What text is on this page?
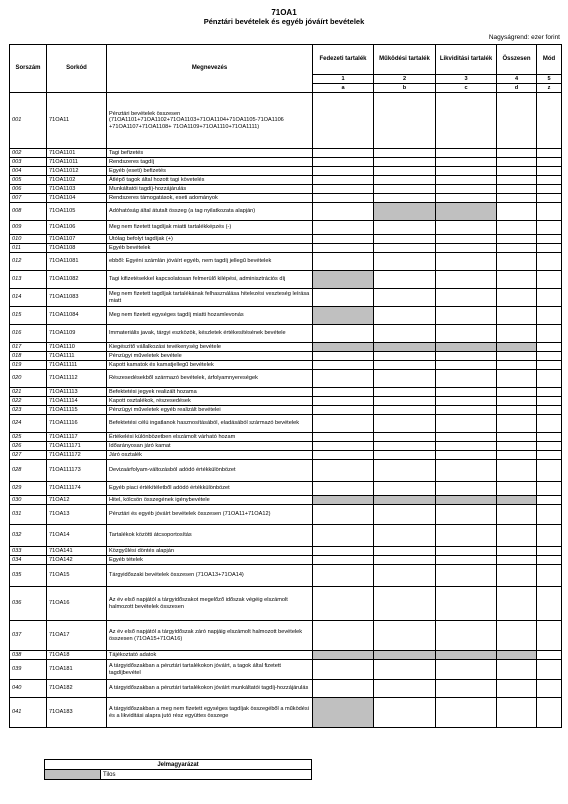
71OA1
Pénztári bevételek és egyéb jóváírt bevételek
Nagyságrend: ezer forint
Sorszám	Sorkód	Megnevezés	Fedezeti tartalék	Működési tartalék	Likviditási tartalék	Összesen	Mód
			1	2	3	4	5
			a	b	c	d	z
001	71OA11	Pénztári bevételek összesen (71OA1101+71OA1102+71OA1103+71OA1104+71OA1105-71OA1106 +71OA1107+71OA1108+ 71OA1109+71OA1110+71OA1111)					
002	71OA1101	Tagi befizetés					
003	71OA11011	Rendszeres tagdíj					
004	71OA11012	Egyéb (eseti) befizetés					
005	71OA1102	Átlépő tagok által hozott tagi követelés					
006	71OA1103	Munkáltatói tagdíj-hozzájárulás					
007	71OA1104	Rendszeres támogatások, eseti adományok					
008	71OA1105	Adóhatóság által átutalt összeg (a tag nyilatkozata alapján)					
009	71OA1106	Meg nem fizetett tagdíjak miatti tartalékképzés (-)					
010	71OA1107	Utólag befolyt tagdíjak (+)					
011	71OA1108	Egyéb bevételek					
012	71OA11081	ebből: Egyéni számlán jóváírt egyéb, nem tagdíj jellegű bevételek					
013	71OA11082	Tagi kifizetésekkel kapcsolatosan felmerülő kilépési, adminisztrációs díj					
014	71OA11083	Meg nem fizetett tagdíjak tartalékának felhasználása hitelezési veszteség leírása miatt					
015	71OA11084	Meg nem fizetett egységes tagdíj miatti hozamlevonás					
016	71OA1109	Immateriális javak, tárgyi eszközök, készletek értékesítésének bevétele					
017	71OA1110	Kiegészítő vállalkozási tevékenység bevétele					
018	71OA1111	Pénzügyi műveletek bevétele					
019	71OA11111	Kapott kamatok és kamatjellegű bevételek					
020	71OA11112	Részesedésekből származó bevételek, árfolyamnyereségek					
021	71OA11113	Befektetési jegyek realizált hozama					
022	71OA11114	Kapott osztalékok, részesedések					
023	71OA11115	Pénzügyi műveletek egyéb realizált bevételei					
024	71OA11116	Befektetési célú ingatlanok hasznosításából, eladásából származó bevételek					
025	71OA11117	Értékelési különbözetben elszámolt várható hozam					
026	71OA111171	Időarányosan járó kamat					
027	71OA111172	Járó osztalék					
028	71OA111173	Devizaárfolyam-változásból adódó értékkülönbözet					
029	71OA111174	Egyéb piaci értékítéletből adódó értékkülönbözet					
030	71OA12	Hitel, kölcsön összegének igénybevétele					
031	71OA13	Pénztári és egyéb jóváírt bevételek összesen (71OA11+71OA12)					
032	71OA14	Tartalékok közötti átcsoportosítás					
033	71OA141	Közgyűlési döntés alapján					
034	71OA142	Egyéb tételek					
035	71OA15	Tárgyidőszaki bevételek összesen (71OA13+71OA14)					
036	71OA16	Az év első napjától a tárgyidőszakot megelőző időszak végéig elszámolt halmozott bevételek összesen					
037	71OA17	Az év első napjától a tárgyidőszak záró napjáig elszámolt halmozott bevételek összesen (71OA15+71OA16)					
038	71OA18	Tájékoztató adatok					
039	71OA181	A tárgyidőszakban a pénztári tartalékokon jóváírt, a tagok által fizetett tagdíjbevétel					
040	71OA182	A tárgyidőszakban a pénztári tartalékokon jóváírt munkáltatói tagdíj-hozzájárulás					
041	71OA183	A tárgyidőszakban a meg nem fizetett egységes tagdíjak összegéből a működési és a likviditási alapra jutó rész együttes összege					
Jelmagyarázat
	Tilos
